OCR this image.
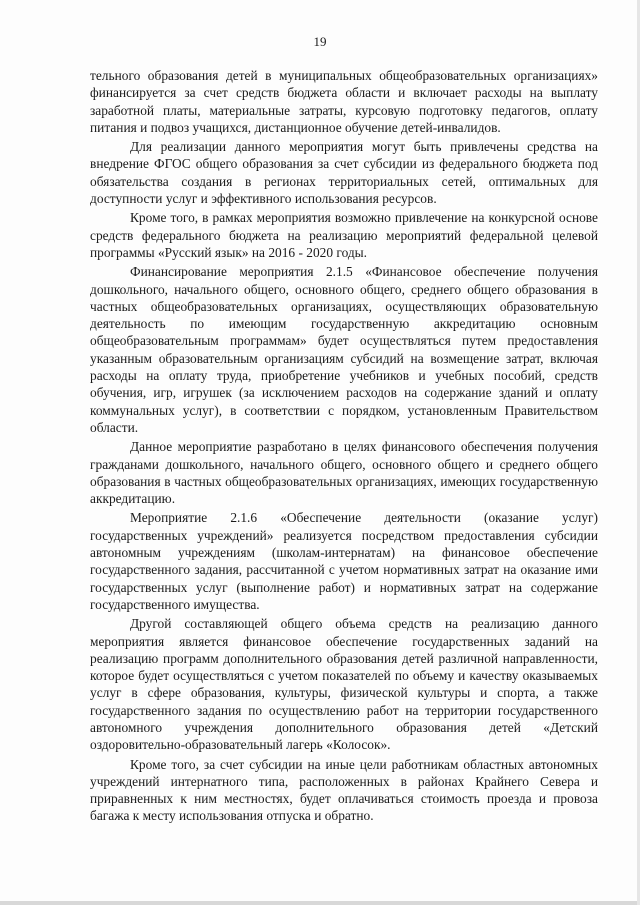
19

тельного образования детей в муниципальных общеобразовательных организациях» финансируется за счет средств бюджета области и включает расходы на выплату заработной платы, материальные затраты, курсовую подготовку педагогов, оплату питания и подвоз учащихся, дистанционное обучение детей-инвалидов.

Для реализации данного мероприятия могут быть привлечены средства на внедрение ФГОС общего образования за счет субсидии из федерального бюджета под обязательства создания в регионах территориальных сетей, оптимальных для доступности услуг и эффективного использования ресурсов.

Кроме того, в рамках мероприятия возможно привлечение на конкурсной основе средств федерального бюджета на реализацию мероприятий федеральной целевой программы «Русский язык» на 2016 - 2020 годы.

Финансирование мероприятия 2.1.5 «Финансовое обеспечение получения дошкольного, начального общего, основного общего, среднего общего образования в частных общеобразовательных организациях, осуществляющих образовательную деятельность по имеющим государственную аккредитацию основным общеобразовательным программам» будет осуществляться путем предоставления указанным образовательным организациям субсидий на возмещение затрат, включая расходы на оплату труда, приобретение учебников и учебных пособий, средств обучения, игр, игрушек (за исключением расходов на содержание зданий и оплату коммунальных услуг), в соответствии с порядком, установленным Правительством области.

Данное мероприятие разработано в целях финансового обеспечения получения гражданами дошкольного, начального общего, основного общего и среднего общего образования в частных общеобразовательных организациях, имеющих государственную аккредитацию.

Мероприятие 2.1.6 «Обеспечение деятельности (оказание услуг) государственных учреждений» реализуется посредством предоставления субсидии автономным учреждениям (школам-интернатам) на финансовое обеспечение государственного задания, рассчитанной с учетом нормативных затрат на оказание ими государственных услуг (выполнение работ) и нормативных затрат на содержание государственного имущества.

Другой составляющей общего объема средств на реализацию данного мероприятия является финансовое обеспечение государственных заданий на реализацию программ дополнительного образования детей различной направленности, которое будет осуществляться с учетом показателей по объему и качеству оказываемых услуг в сфере образования, культуры, физической культуры и спорта, а также государственного задания по осуществлению работ на территории государственного автономного учреждения дополнительного образования детей «Детский оздоровительно-образовательный лагерь «Колосок».

Кроме того, за счет субсидии на иные цели работникам областных автономных учреждений интернатного типа, расположенных в районах Крайнего Севера и приравненных к ним местностях, будет оплачиваться стоимость проезда и провоза багажа к месту использования отпуска и обратно.
